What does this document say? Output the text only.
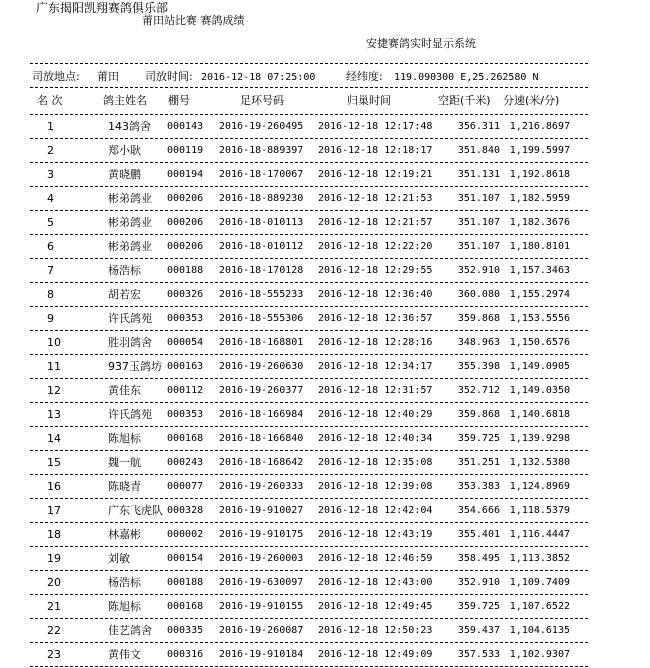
广东揭阳凯翔赛鸽俱乐部
莆田站比赛 赛鸽成绩
安捷赛鸽实时显示系统
司放地点: 莆田 司放时间: 2016-12-18 07:25:00	经纬度: 119.090300 E,25.262580 N
名 次	鸽主姓名 棚号	足环号码	归巢时间	空距(千米) 分速(米/分)
1	143鸽舍 000143 2016-19-260495 2016-12-18 12:17:48	356.311 1,216.8697
2	郑小耿	000119 2016-18-889397 2016-12-18 12:18:17	351.840 1,199.5997
3	黄晓鹏	000194 2016-18-170067 2016-12-18 12:19:21	351.131 1,192.8618
4	彬弟鸽业 000206 2016-18-889230 2016-12-18 12:21:53	351.107 1,182.5959
5	彬弟鸽业 000206 2016-18-010113 2016-12-18 12:21:57	351.107 1,182.3676
6	彬弟鸽业 000206 2016-18-010112 2016-12-18 12:22:20	351.107 1,180.8101
7	杨浩标	000188 2016-18-170128 2016-12-18 12:29:55	352.910 1,157.3463
8	胡若宏	000326 2016-18-555233 2016-12-18 12:36:40	360.080 1,155.2974
9	许氏鸽苑 000353 2016-18-555306 2016-12-18 12:36:57	359.868 1,153.5556
10	胜羽鸽舍 000054 2016-18-168801 2016-12-18 12:28:16	348.963 1,150.6576
11	937玉鸽坊 000163 2016-19-260630 2016-12-18 12:34:17	355.398 1,149.0905
12	黄佳东	000112 2016-19-260377 2016-12-18 12:31:57	352.712 1,149.0350
13	许氏鸽苑 000353 2016-18-166984 2016-12-18 12:40:29	359.868 1,140.6818
14	陈旭标	000168 2016-18-166840 2016-12-18 12:40:34	359.725 1,139.9298
15	魏一航	000243 2016-18-168642 2016-12-18 12:35:08	351.251 1,132.5380
16	陈晓青	000077 2016-19-260333 2016-12-18 12:39:08	353.383 1,124.8969
17	广东飞虎队 000328 2016-19-910027 2016-12-18 12:42:04	354.666 1,118.5379
18	林嘉彬	000002 2016-19-910175 2016-12-18 12:43:19	355.401 1,116.4447
19	刘敏	000154 2016-19-260003 2016-12-18 12:46:59	358.495 1,113.3852
20	杨浩标	000188 2016-19-630097 2016-12-18 12:43:00	352.910 1,109.7409
21	陈旭标	000168 2016-19-910155 2016-12-18 12:49:45	359.725 1,107.6522
22	佳艺鸽舍 000335 2016-19-260087 2016-12-18 12:50:23	359.437 1,104.6135
23	黄伟文	000316 2016-19-910184 2016-12-18 12:49:09	357.533 1,102.9307
